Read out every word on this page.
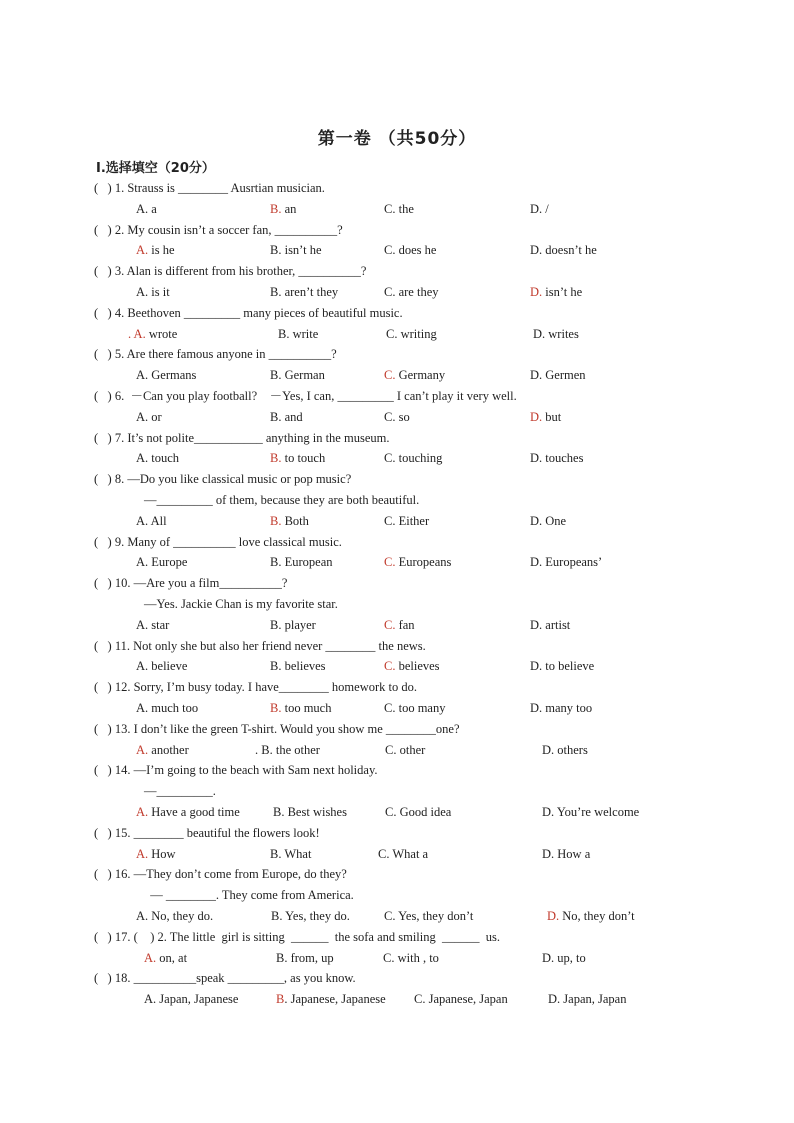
第一卷 （共50分）
Ⅰ.选择填空（20分）
(   ) 1. Strauss is ________ Ausrtian musician.
A. a	B. an	C. the	D. /
(   ) 2. My cousin isn’t a soccer fan, __________?
A. is he	B. isn’t he	C. does he	D. doesn’t he
(   ) 3. Alan is different from his brother, __________?
A. is it	B. aren’t they	C. are they	D. isn’t he
(   ) 4. Beethoven _________ many pieces of beautiful music.
. A. wrote	B. write	C. writing	D. writes
(   ) 5. Are there famous anyone in __________?
A. Germans	B. German	C. Germany	D. Germen
(   ) 6.  －Can you play football?    －Yes, I can, _________ I can’t play it very well.
A. or	B. and	C. so	D. but
(   ) 7. It’s not polite___________ anything in the museum.
A. touch	B. to touch	C. touching	D. touches
(   ) 8. —Do you like classical music or pop music?
—_________ of them, because they are both beautiful.
A. All	B. Both	C. Either	D. One
(   ) 9. Many of __________ love classical music.
A. Europe	B. European	C. Europeans	D. Europeans’
(   ) 10. —Are you a film__________?
—Yes. Jackie Chan is my favorite star.
A. star	B. player	C. fan	D. artist
(   ) 11. Not only she but also her friend never ________ the news.
A. believe	B. believes	C. believes	D. to believe
(   ) 12. Sorry, I’m busy today. I have________ homework to do.
A. much too	B. too much	C. too many	D. many too
(   ) 13. I don’t like the green T-shirt. Would you show me ________one?
A. another	. B. the other	C. other	D. others
(   ) 14. —I’m going to the beach with Sam next holiday.
—_________.
A. Have a good time	B. Best wishes	C. Good idea	D. You’re welcome
(   ) 15. ________ beautiful the flowers look!
A. How	B. What	C. What a	D. How a
(   ) 16. —They don’t come from Europe, do they?
— ________. They come from America.
A. No, they do.	B. Yes, they do.	C. Yes, they don’t	D. No, they don’t
(   ) 17. (    ) 2. The little  girl is sitting  ______  the sofa and smiling  ______  us.
A. on, at	B. from, up	C. with , to	D. up, to
(   ) 18. __________speak _________, as you know.
A. Japan, Japanese	B. Japanese, Japanese C. Japanese, Japan	D. Japan, Japan
